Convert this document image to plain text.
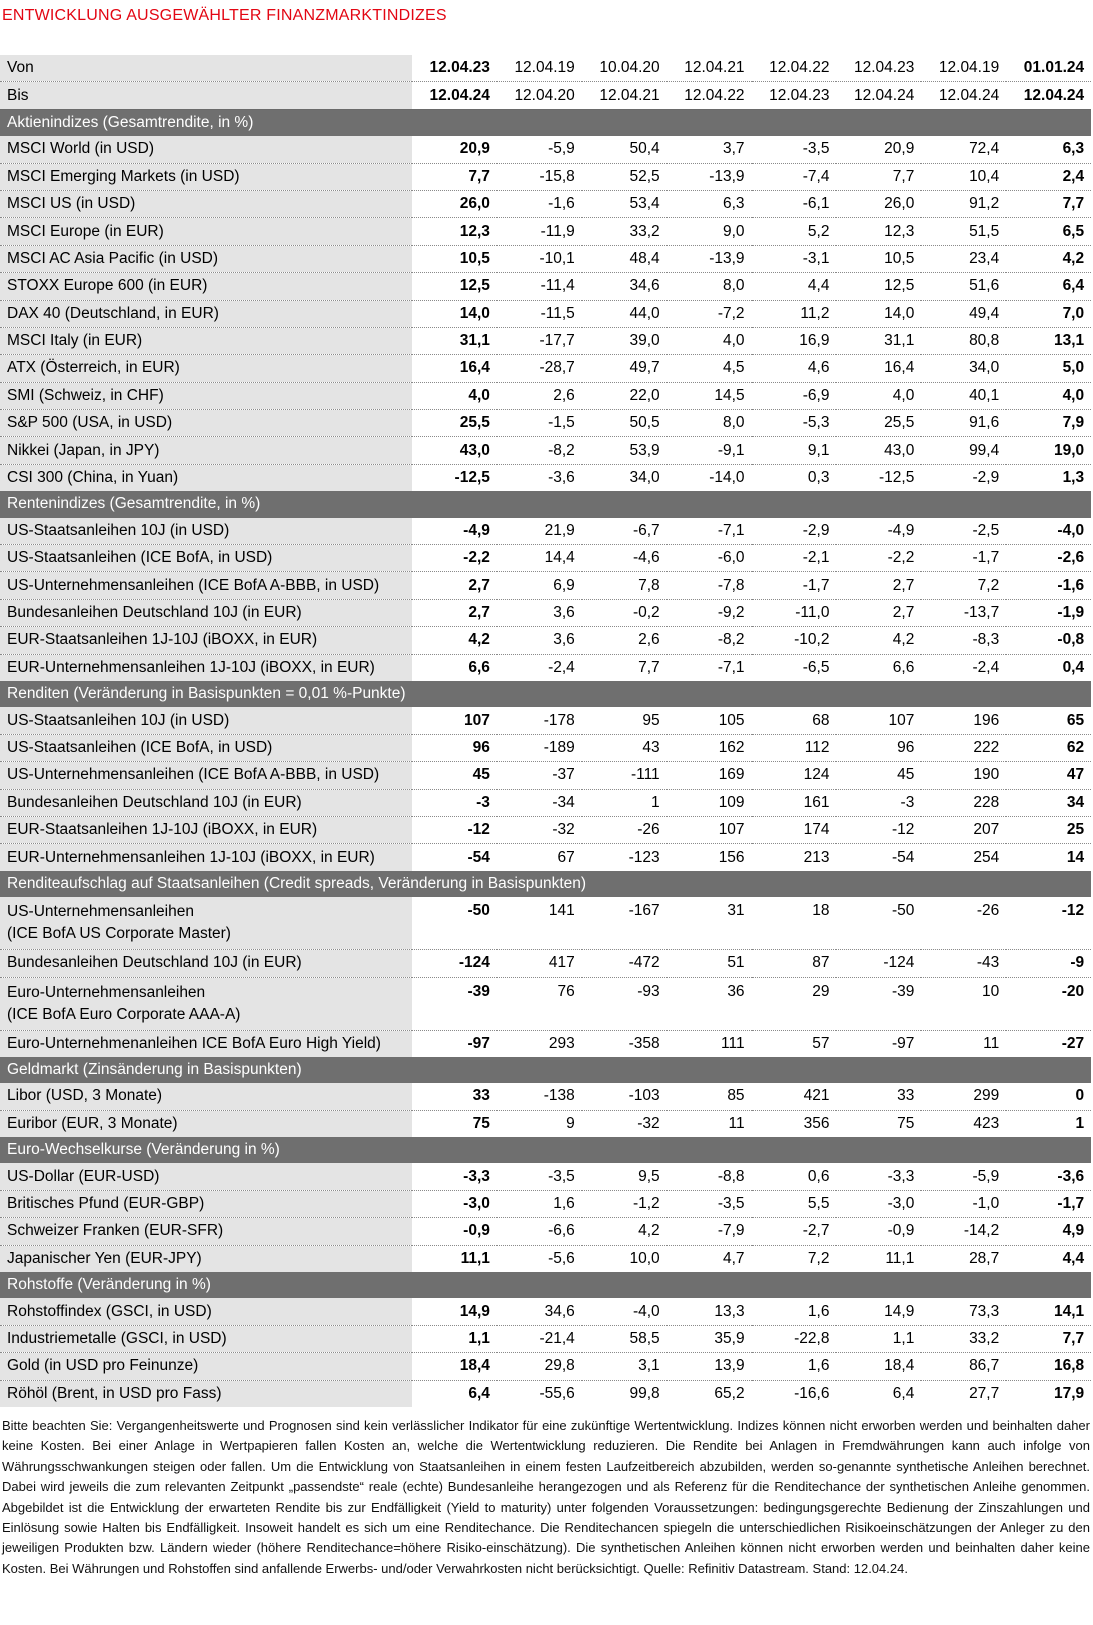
ENTWICKLUNG AUSGEWÄHLTER FINANZMARKTINDIZES
Von	12.04.23	12.04.19	10.04.20	12.04.21	12.04.22	12.04.23	12.04.19	01.01.24
Bis	12.04.24	12.04.20	12.04.21	12.04.22	12.04.23	12.04.24	12.04.24	12.04.24
Aktienindizes (Gesamtrendite, in %)								
MSCI World (in USD)	20,9	-5,9	50,4	3,7	-3,5	20,9	72,4	6,3
MSCI Emerging Markets (in USD)	7,7	-15,8	52,5	-13,9	-7,4	7,7	10,4	2,4
MSCI US (in USD)	26,0	-1,6	53,4	6,3	-6,1	26,0	91,2	7,7
MSCI Europe (in EUR)	12,3	-11,9	33,2	9,0	5,2	12,3	51,5	6,5
MSCI AC Asia Pacific (in USD)	10,5	-10,1	48,4	-13,9	-3,1	10,5	23,4	4,2
STOXX Europe 600 (in EUR)	12,5	-11,4	34,6	8,0	4,4	12,5	51,6	6,4
DAX 40 (Deutschland, in EUR)	14,0	-11,5	44,0	-7,2	11,2	14,0	49,4	7,0
MSCI Italy (in EUR)	31,1	-17,7	39,0	4,0	16,9	31,1	80,8	13,1
ATX (Österreich, in EUR)	16,4	-28,7	49,7	4,5	4,6	16,4	34,0	5,0
SMI (Schweiz, in CHF)	4,0	2,6	22,0	14,5	-6,9	4,0	40,1	4,0
S&P 500 (USA, in USD)	25,5	-1,5	50,5	8,0	-5,3	25,5	91,6	7,9
Nikkei (Japan, in JPY)	43,0	-8,2	53,9	-9,1	9,1	43,0	99,4	19,0
CSI 300 (China, in Yuan)	-12,5	-3,6	34,0	-14,0	0,3	-12,5	-2,9	1,3
Rentenindizes (Gesamtrendite, in %)								
US-Staatsanleihen 10J (in USD)	-4,9	21,9	-6,7	-7,1	-2,9	-4,9	-2,5	-4,0
US-Staatsanleihen (ICE BofA, in USD)	-2,2	14,4	-4,6	-6,0	-2,1	-2,2	-1,7	-2,6
US-Unternehmensanleihen (ICE BofA A-BBB, in USD)	2,7	6,9	7,8	-7,8	-1,7	2,7	7,2	-1,6
Bundesanleihen Deutschland 10J (in EUR)	2,7	3,6	-0,2	-9,2	-11,0	2,7	-13,7	-1,9
EUR-Staatsanleihen 1J-10J (iBOXX, in EUR)	4,2	3,6	2,6	-8,2	-10,2	4,2	-8,3	-0,8
EUR-Unternehmensanleihen 1J-10J (iBOXX, in EUR)	6,6	-2,4	7,7	-7,1	-6,5	6,6	-2,4	0,4
Renditen (Veränderung in Basispunkten = 0,01 %-Punkte)								
US-Staatsanleihen 10J (in USD)	107	-178	95	105	68	107	196	65
US-Staatsanleihen (ICE BofA, in USD)	96	-189	43	162	112	96	222	62
US-Unternehmensanleihen (ICE BofA A-BBB, in USD)	45	-37	-111	169	124	45	190	47
Bundesanleihen Deutschland 10J (in EUR)	-3	-34	1	109	161	-3	228	34
EUR-Staatsanleihen 1J-10J (iBOXX, in EUR)	-12	-32	-26	107	174	-12	207	25
EUR-Unternehmensanleihen 1J-10J (iBOXX, in EUR)	-54	67	-123	156	213	-54	254	14
Renditeaufschlag auf Staatsanleihen (Credit spreads, Veränderung in Basispunkten)								
US-Unternehmensanleihen
(ICE BofA US Corporate Master)	-50	141	-167	31	18	-50	-26	-12
Bundesanleihen Deutschland 10J (in EUR)	-124	417	-472	51	87	-124	-43	-9
Euro-Unternehmensanleihen
(ICE BofA Euro Corporate AAA-A)	-39	76	-93	36	29	-39	10	-20
Euro-Unternehmenanleihen ICE BofA Euro High Yield)	-97	293	-358	111	57	-97	11	-27
Geldmarkt (Zinsänderung in Basispunkten)								
Libor (USD, 3 Monate)	33	-138	-103	85	421	33	299	0
Euribor (EUR, 3 Monate)	75	9	-32	11	356	75	423	1
Euro-Wechselkurse (Veränderung in %)								
US-Dollar (EUR-USD)	-3,3	-3,5	9,5	-8,8	0,6	-3,3	-5,9	-3,6
Britisches Pfund (EUR-GBP)	-3,0	1,6	-1,2	-3,5	5,5	-3,0	-1,0	-1,7
Schweizer Franken (EUR-SFR)	-0,9	-6,6	4,2	-7,9	-2,7	-0,9	-14,2	4,9
Japanischer Yen (EUR-JPY)	11,1	-5,6	10,0	4,7	7,2	11,1	28,7	4,4
Rohstoffe (Veränderung in %)								
Rohstoffindex (GSCI, in USD)	14,9	34,6	-4,0	13,3	1,6	14,9	73,3	14,1
Industriemetalle (GSCI, in USD)	1,1	-21,4	58,5	35,9	-22,8	1,1	33,2	7,7
Gold (in USD pro Feinunze)	18,4	29,8	3,1	13,9	1,6	18,4	86,7	16,8
Röhöl (Brent, in USD pro Fass)	6,4	-55,6	99,8	65,2	-16,6	6,4	27,7	17,9
Bitte beachten Sie: Vergangenheitswerte und Prognosen sind kein verlässlicher Indikator für eine zukünftige Wertentwicklung. Indizes können nicht erworben werden und beinhalten daher keine Kosten. Bei einer Anlage in Wertpapieren fallen Kosten an, welche die Wertentwicklung reduzieren. Die Rendite bei Anlagen in Fremdwährungen kann auch infolge von Währungsschwankungen steigen oder fallen. Um die Entwicklung von Staatsanleihen in einem festen Laufzeitbereich abzubilden, werden so-genannte synthetische Anleihen berechnet. Dabei wird jeweils die zum relevanten Zeitpunkt „passendste“ reale (echte) Bundesanleihe herangezogen und als Referenz für die Renditechance der synthetischen Anleihe genommen. Abgebildet ist die Entwicklung der erwarteten Rendite bis zur Endfälligkeit (Yield to maturity) unter folgenden Voraussetzungen: bedingungsgerechte Bedienung der Zinszahlungen und Einlösung sowie Halten bis Endfälligkeit. Insoweit handelt es sich um eine Renditechance. Die Renditechancen spiegeln die unterschiedlichen Risikoeinschätzungen der Anleger zu den jeweiligen Produkten bzw. Ländern wieder (höhere Renditechance=höhere Risiko-einschätzung). Die synthetischen Anleihen können nicht erworben werden und beinhalten daher keine Kosten. Bei Währungen und Rohstoffen sind anfallende Erwerbs- und/oder Verwahrkosten nicht berücksichtigt. Quelle: Refinitiv Datastream. Stand: 12.04.24.
